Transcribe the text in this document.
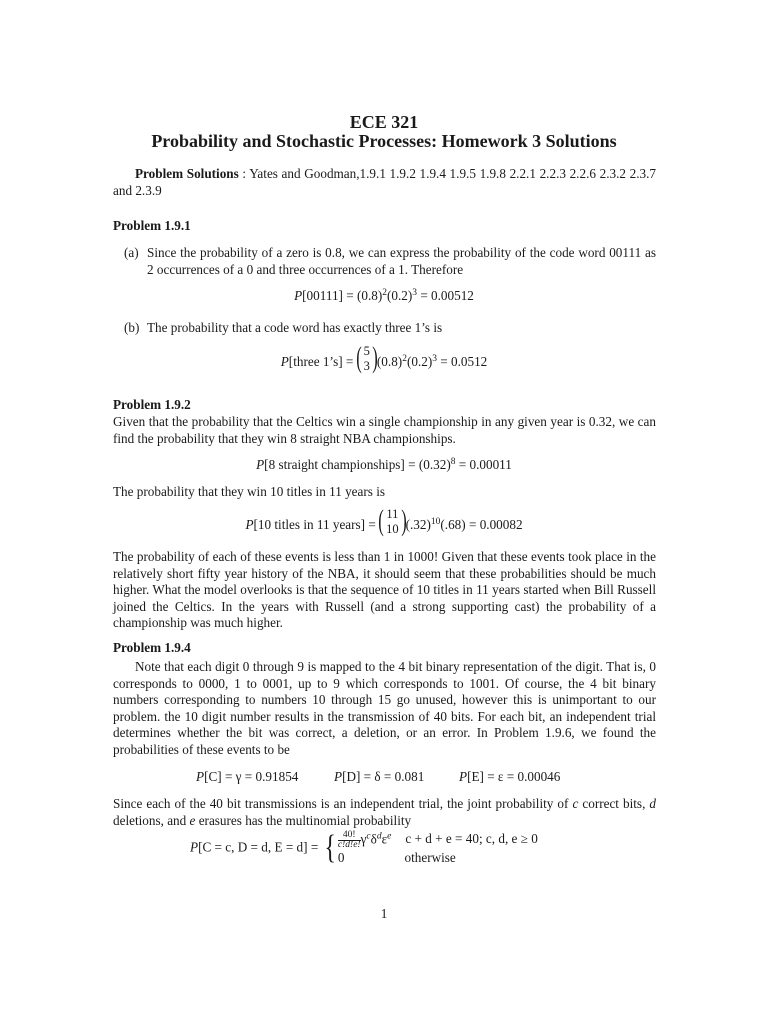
ECE 321
Probability and Stochastic Processes: Homework 3 Solutions
Problem Solutions : Yates and Goodman,1.9.1 1.9.2 1.9.4 1.9.5 1.9.8 2.2.1 2.2.3 2.2.6 2.3.2 2.3.7 and 2.3.9
Problem 1.9.1
(a) Since the probability of a zero is 0.8, we can express the probability of the code word 00111 as 2 occurrences of a 0 and three occurrences of a 1. Therefore
$P[00111] = (0.8)^2(0.2)^3 = 0.00512$
(b) The probability that a code word has exactly three 1’s is
P[three 1’s] = ( 5
3 ) $(0.8)^2(0.2)^3 = 0.0512$
Problem 1.9.2
Given that the probability that the Celtics win a single championship in any given year is 0.32, we can find the probability that they win 8 straight NBA championships.
P[8 straight championships] = $(0.32)^8 = 0.00011$
The probability that they win 10 titles in 11 years is
P[10 titles in 11 years] = ( 11
10 ) $(.32)^{10}(.68) = 0.00082$
The probability of each of these events is less than 1 in 1000! Given that these events took place in the relatively short fifty year history of the NBA, it should seem that these probabilities should be much higher. What the model overlooks is that the sequence of 10 titles in 11 years started when Bill Russell joined the Celtics. In the years with Russell (and a strong supporting cast) the probability of a championship was much higher.
Problem 1.9.4
Note that each digit 0 through 9 is mapped to the 4 bit binary representation of the digit. That is, 0 corresponds to 0000, 1 to 0001, up to 9 which corresponds to 1001. Of course, the 4 bit binary numbers corresponding to numbers 10 through 15 go unused, however this is unimportant to our problem. the 10 digit number results in the transmission of 40 bits. For each bit, an independent trial determines whether the bit was correct, a deletion, or an error. In Problem 1.9.6, we found the probabilities of these events to be
P[C] = γ = 0.91854	P[D] = δ = 0.081	P[E] = ε = 0.00046
Since each of the 40 bit transmissions is an independent trial, the joint probability of c correct bits, d deletions, and e erasures has the multinomial probability
P[C = c, D = d, E = d] = { $\frac{40!}{c!d!e!} \gamma^c\delta^d\varepsilon^e$ c + d + e = 40; c, d, e ≥ 0
0	otherwise
1
